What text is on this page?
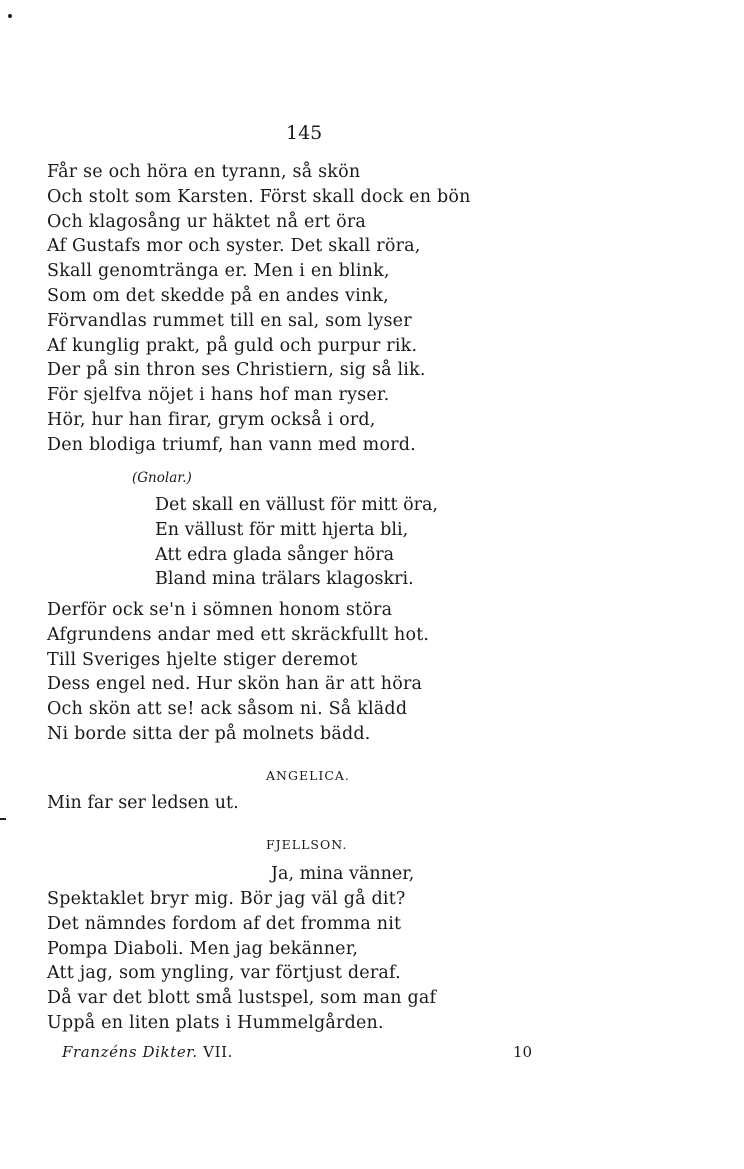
145
Får se och höra en tyrann, så skön
Och stolt som Karsten. Först skall dock en bön
Och klagosång ur häktet nå ert öra
Af Gustafs mor och syster. Det skall röra,
Skall genomtränga er. Men i en blink,
Som om det skedde på en andes vink,
Förvandlas rummet till en sal, som lyser
Af kunglig prakt, på guld och purpur rik.
Der på sin thron ses Christiern, sig så lik.
För sjelfva nöjet i hans hof man ryser.
Hör, hur han firar, grym också i ord,
Den blodiga triumf, han vann med mord.
(Gnolar.)
Det skall en vällust för mitt öra,
En vällust för mitt hjerta bli,
Att edra glada sånger höra
Bland mina trälars klagoskri.
Derför ock se'n i sömnen honom störa
Afgrundens andar med ett skräckfullt hot.
Till Sveriges hjelte stiger deremot
Dess engel ned. Hur skön han är att höra
Och skön att se! ack såsom ni. Så klädd
Ni borde sitta der på molnets bädd.
ANGELICA.
Min far ser ledsen ut.
FJELLSON.
Ja, mina vänner,
Spektaklet bryr mig. Bör jag väl gå dit?
Det nämndes fordom af det fromma nit
Pompa Diaboli. Men jag bekänner,
Att jag, som yngling, var förtjust deraf.
Då var det blott små lustspel, som man gaf
Uppå en liten plats i Hummelgården.
Franzéns Dikter. VII.	10
